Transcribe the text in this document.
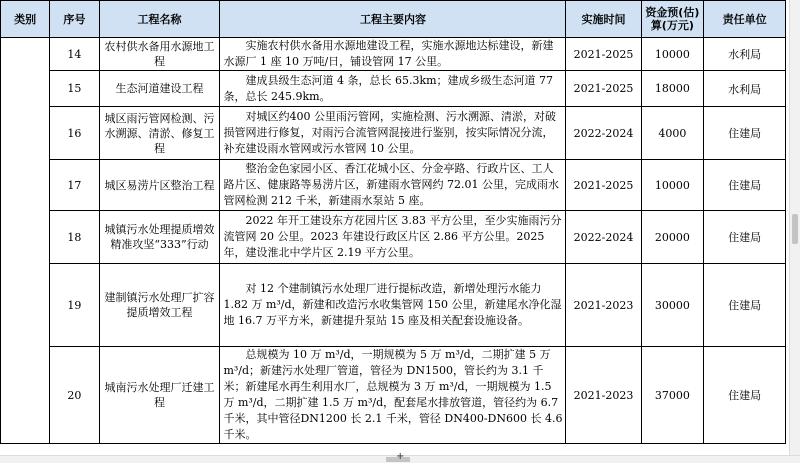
类别	序号	工程名称	工程主要内容	实施时间	资金预(估)算(万元)	责任单位
	14	农村供水备用水源地工程	实施农村供水备用水源地建设工程，实施水源地达标建设，新建水源厂 1 座 10 万吨/日，铺设管网 17 公里。	2021-2025	10000	水利局
	15	生态河道建设工程	建成县级生态河道 4 条，总长 65.3km；建成乡级生态河道 77 条，总长 245.9km。	2021-2025	18000	水利局
	16	城区雨污管网检测、污水溯源、清淤、修复工程	对城区约400 公里雨污管网，实施检测、污水溯源、清淤，对破损管网进行修复，对雨污合流管网混接进行鉴别，按实际情况分流，补充建设雨水管网或污水管网 10 公里。	2022-2024	4000	住建局
	17	城区易涝片区整治工程	整治金色家园小区、香江花城小区、分金亭路、行政片区、工人路片区、健康路等易涝片区，新建雨水管网约 72.01 公里，完成雨水管网检测 212 千米，新建雨水泵站 5 座。	2021-2025	10000	住建局
	18	城镇污水处理提质增效精准攻坚“333”行动	2022 年开工建设东方花园片区 3.83 平方公里，至少实施雨污分流管网 20 公里。2023 年建设行政区片区 2.86 平方公里。2025 年，建设淮北中学片区 2.19 平方公里。	2022-2024	20000	住建局
	19	建制镇污水处理厂扩容提质增效工程	对 12 个建制镇污水处理厂进行提标改造，新增处理污水能力 1.82 万 m³/d，新建和改造污水收集管网 150 公里，新建尾水净化湿地 16.7 万平方米，新建提升泵站 15 座及相关配套设施设备。	2021-2023	30000	住建局
	20	城南污水处理厂迁建工程	总规模为 10 万 m³/d，一期规模为 5 万 m³/d，二期扩建 5 万 m³/d；新建污水处理厂管道，管径为 DN1500，管长约为 3.1 千米；新建尾水再生利用水厂，总规模为 3 万 m³/d，一期规模为 1.5 万 m³/d，二期扩建 1.5 万 m³/d，配套尾水排放管道，管径约为 6.7 千米，其中管径DN1200 长 2.1 千米，管径 DN400-DN600 长 4.6 千米。	2021-2023	37000	住建局
+
